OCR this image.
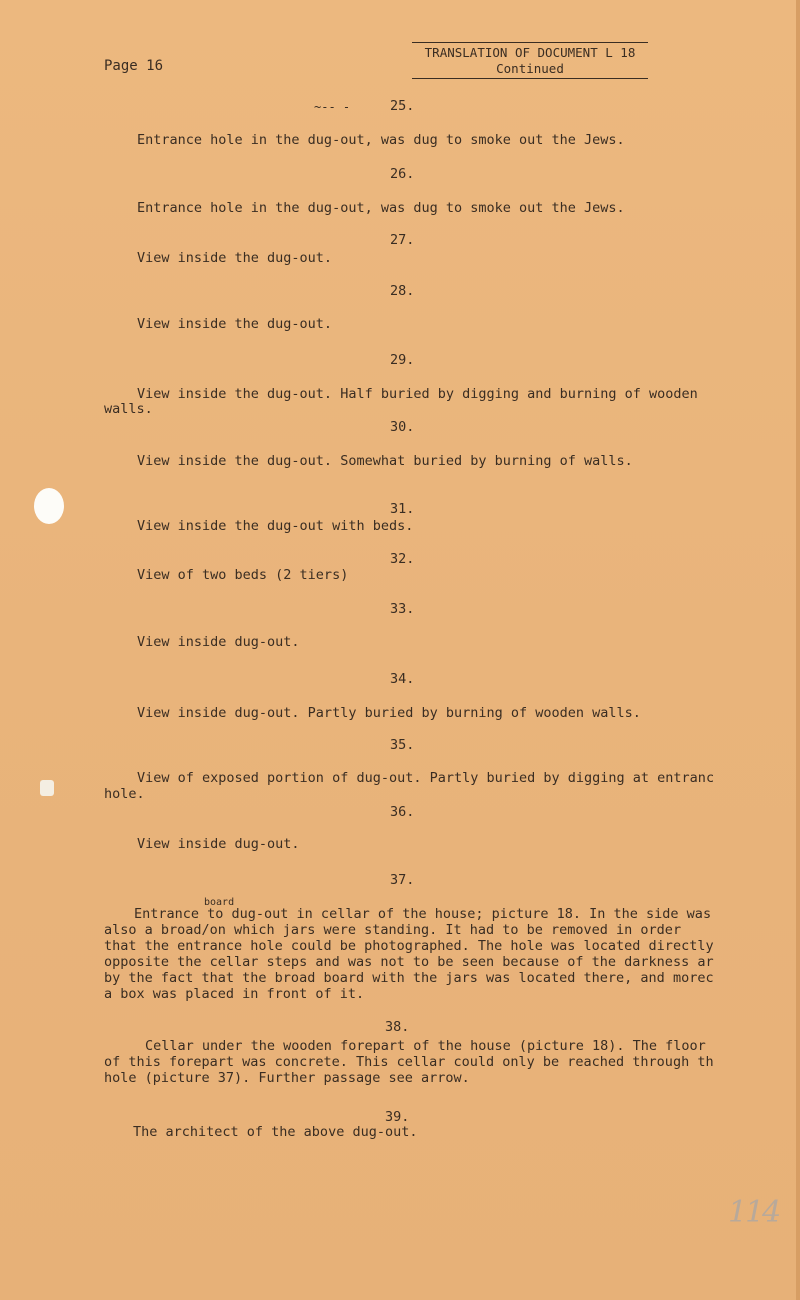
Page 16
TRANSLATION OF DOCUMENT L 18
Continued
~-- -	25.
Entrance hole in the dug-out, was dug to smoke out the Jews.
26.
Entrance hole in the dug-out, was dug to smoke out the Jews.
27.
View inside the dug-out.
28.
View inside the dug-out.
29.
View inside the dug-out. Half buried by digging and burning of wooden
walls.
30.
View inside the dug-out. Somewhat buried by burning of walls.
31.
View inside the dug-out with beds.
32.
View of two beds (2 tiers)
33.
View inside dug-out.
34.
View inside dug-out. Partly buried by burning of wooden walls.
35.
View of exposed portion of dug-out. Partly buried by digging at entranc
hole.
36.
View inside dug-out.
37.
board
Entrance to dug-out in cellar of the house; picture 18. In the side was
also a broad/on which jars were standing. It had to be removed in order
that the entrance hole could be photographed. The hole was located directly
opposite the cellar steps and was not to be seen because of the darkness ar
by the fact that the broad board with the jars was located there, and morec
a box was placed in front of it.
38.
Cellar under the wooden forepart of the house (picture 18). The floor
of this forepart was concrete. This cellar could only be reached through th
hole (picture 37). Further passage see arrow.
39.
The architect of the above dug-out.
114
